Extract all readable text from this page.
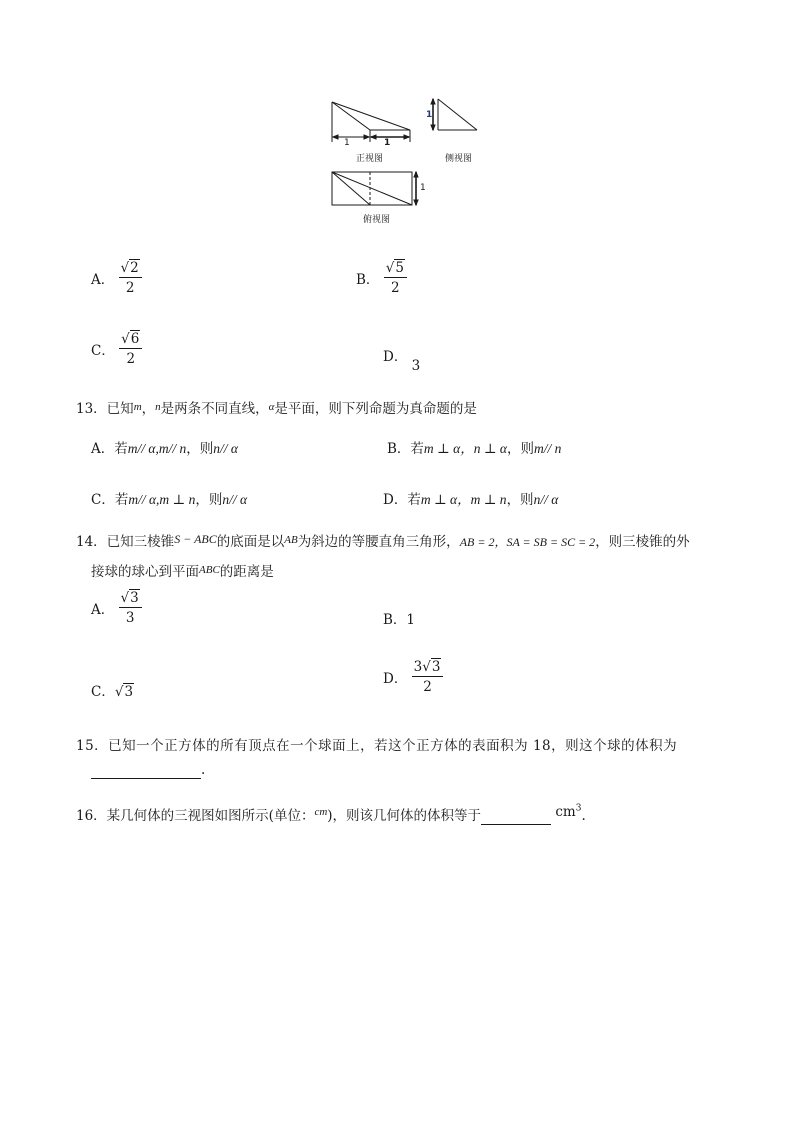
1	1
1
1
正视图	侧视图
俯视图
A． $\frac{√2}{2}$	B． $\frac{√5}{2}$
C． $\frac{√6}{2}$	D． 3
13．已知$^m$，$^n$是两条不同直线，$^\alpha$是平面，则下列命题为真命题的是
A．若m// α,m// n，则n// α	B．若m ⊥ α，n ⊥ α，则m// n
C．若m// α,m ⊥ n，则n// α	D．若m ⊥ α，m ⊥ n，则n// α
14．已知三棱锥S − ABC的底面是以$^{AB}$为斜边的等腰直角三角形，AB = 2，SA = SB = SC = 2，则三棱锥的外
接球的球心到平面$^{ABC}$的距离是
A． $\frac{√3}{3}$	B．1
C．√3
D． $\frac{3√3}{2}$
15．已知一个正方体的所有顶点在一个球面上，若这个正方体的表面积为 18，则这个球的体积为
.
16．某几何体的三视图如图所示(单位：$^{cm}$)，则该几何体的体积等于	$cm^3$.
